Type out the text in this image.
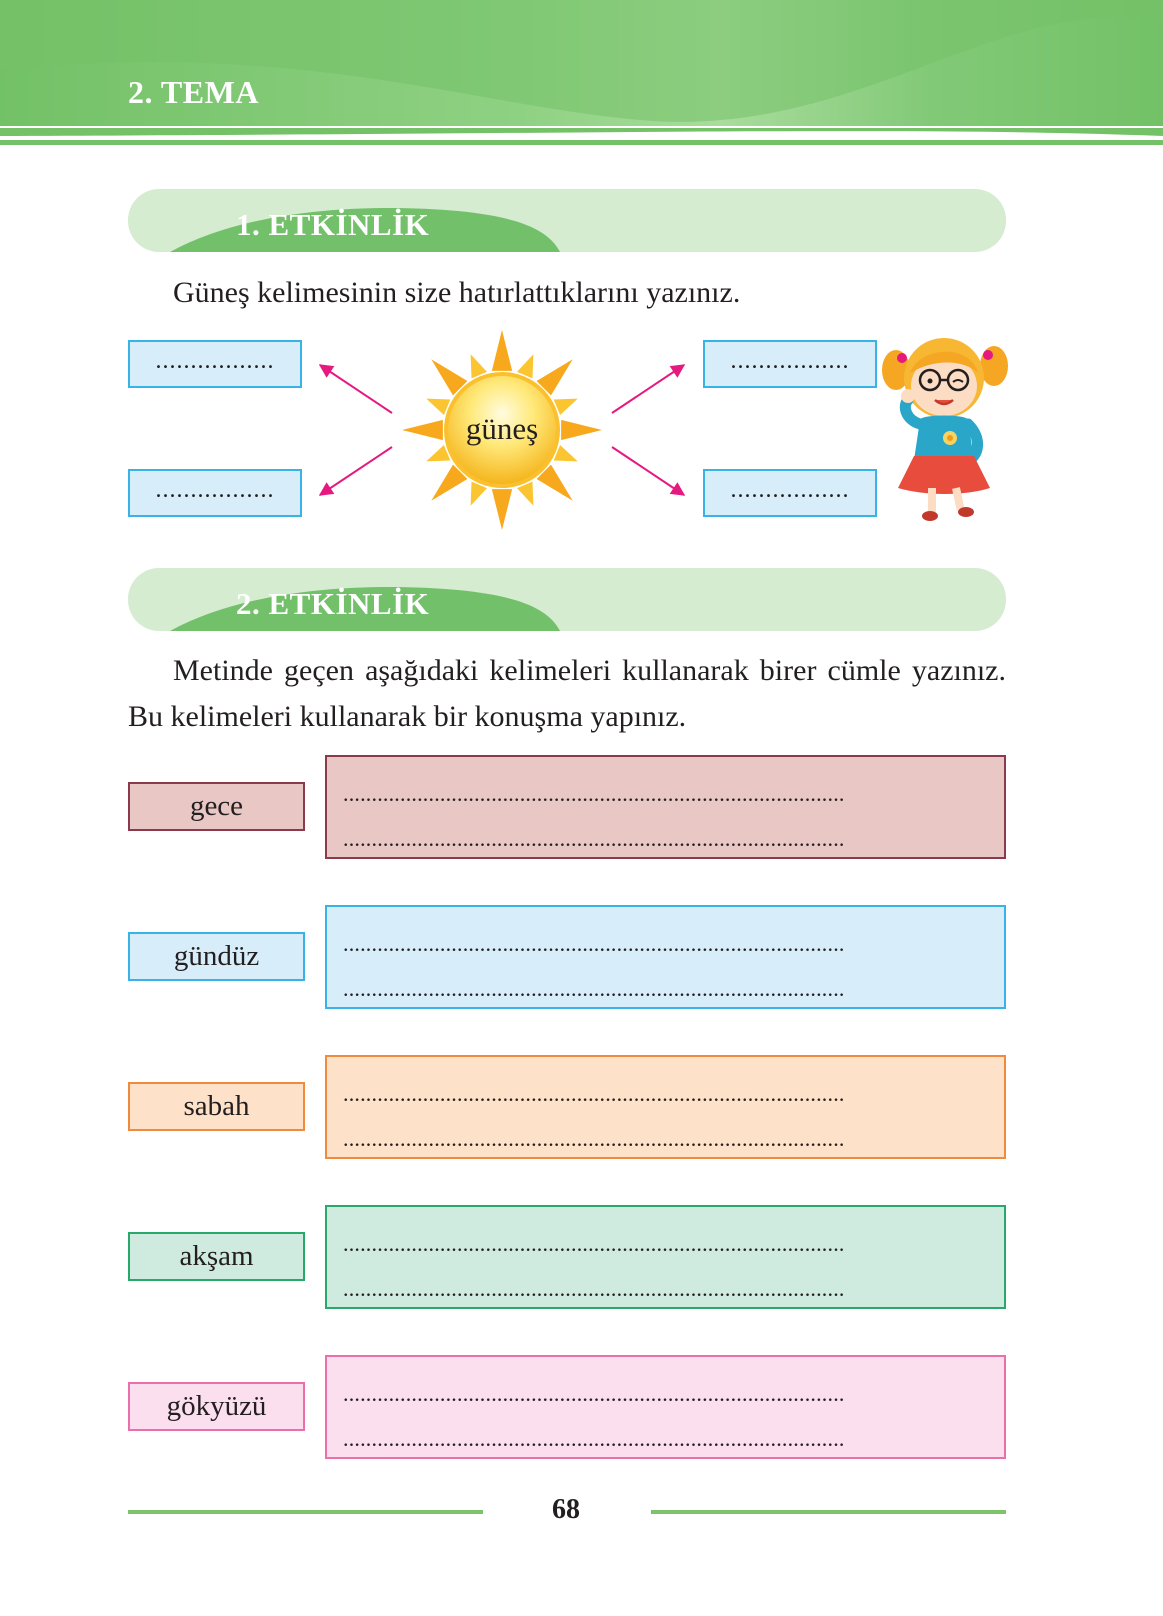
2. TEMA
1. ETKİNLİK
Güneş kelimesinin size hatırlattıklarını yazınız.
.................
.................
.................
.................
güneş
2. ETKİNLİK
Metinde geçen aşağıdaki kelimeleri kullanarak birer cümle yazınız. Bu kelimeleri kullanarak bir konuşma yapınız.
gece	........................................................................................
........................................................................................
gündüz	........................................................................................
........................................................................................
sabah	........................................................................................
........................................................................................
akşam	........................................................................................
........................................................................................
gökyüzü	........................................................................................
........................................................................................
68
